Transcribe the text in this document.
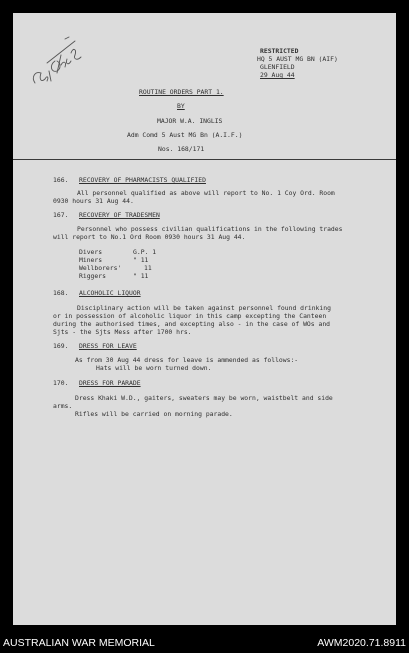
RESTRICTED
HQ 5 AUST MG BN (AIF)
GLENFIELD
29 Aug 44
ROUTINE ORDERS PART 1.
BY
MAJOR W.A. INGLIS
Adm Comd 5 Aust MG Bn (A.I.F.)
Nos. 168/171
166. RECOVERY OF PHARMACISTS QUALIFIED
All personnel qualified as above will report to No. 1 Coy Ord. Room
0930 hours 31 Aug 44.
167. RECOVERY OF TRADESMEN
Personnel who possess civilian qualifications in the following trades
will report to No.1 Ord Room 0930 hours 31 Aug 44.
Divers	G.P. 1
Miners	" 11
Wellborers'	11
Riggers	" 11
168. ALCOHOLIC LIQUOR
Disciplinary action will be taken against personnel found drinking
or in possession of alcoholic liquor in this camp excepting the Canteen
during the authorised times, and excepting also - in the case of WOs and
Sjts - the Sjts Mess after 1700 hrs.
169. DRESS FOR LEAVE
As from 30 Aug 44 dress for leave is ammended as follows:-
Hats will be worn turned down.
170. DRESS FOR PARADE
Dress Khaki W.D., gaiters, sweaters may be worn, waistbelt and side
arms.
Rifles will be carried on morning parade.
AUSTRALIAN WAR MEMORIAL	AWM2020.71.8911
